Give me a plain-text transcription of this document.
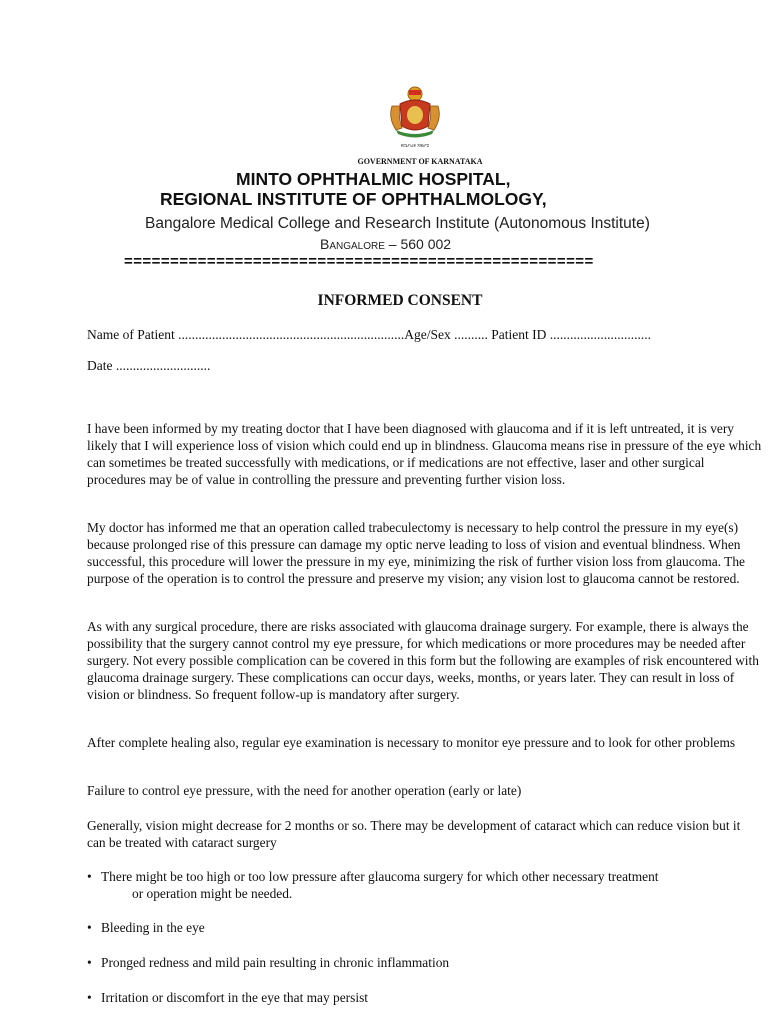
ಕರ್ನಾಟಕ ಸರ್ಕಾರ
GOVERNMENT OF KARNATAKA
MINTO OPHTHALMIC HOSPITAL,
REGIONAL INSTITUTE OF OPHTHALMOLOGY,
Bangalore Medical College and Research Institute (Autonomous Institute)
Bangalore – 560 002
===================================================
INFORMED CONSENT
Name of Patient ...................................................................Age/Sex .......... Patient ID ..............................
Date ............................
I have been informed by my treating doctor that I have been diagnosed with glaucoma and if it is left untreated, it is very likely that I will experience loss of vision which could end up in blindness. Glaucoma means rise in pressure of the eye which can sometimes be treated successfully with medications, or if medications are not effective, laser and other surgical procedures may be of value in controlling the pressure and preventing further vision loss.
My doctor has informed me that an operation called trabeculectomy is necessary to help control the pressure in my eye(s) because prolonged rise of this pressure can damage my optic nerve leading to loss of vision and eventual blindness. When successful, this procedure will lower the pressure in my eye, minimizing the risk of further vision loss from glaucoma. The purpose of the operation is to control the pressure and preserve my vision; any vision lost to glaucoma cannot be restored.
As with any surgical procedure, there are risks associated with glaucoma drainage surgery. For example, there is always the possibility that the surgery cannot control my eye pressure, for which medications or more procedures may be needed after surgery. Not every possible complication can be covered in this form but the following are examples of risk encountered with glaucoma drainage surgery. These complications can occur days, weeks, months, or years later. They can result in loss of vision or blindness. So frequent follow-up is mandatory after surgery.
After complete healing also, regular eye examination is necessary to monitor eye pressure and to look for other problems
Failure to control eye pressure, with the need for another operation (early or late)
Generally, vision might decrease for 2 months or so. There may be development of cataract which can reduce vision but it can be treated with cataract surgery
• There might be too high or too low pressure after glaucoma surgery for which other necessary treatment
or operation might be needed.
• Bleeding in the eye
• Pronged redness and mild pain resulting in chronic inflammation
• Irritation or discomfort in the eye that may persist
